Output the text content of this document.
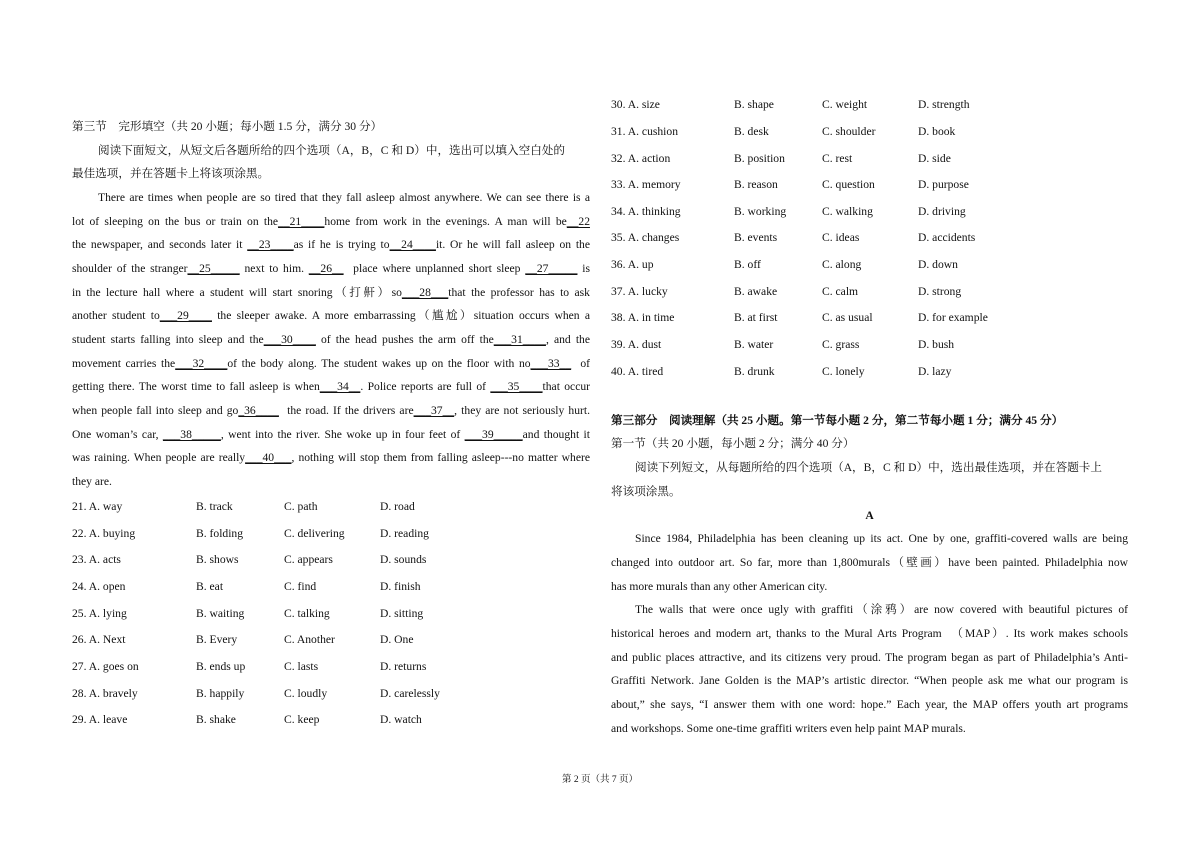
第三节　完形填空（共 20 小题；每小题 1.5 分，满分 30 分）
阅读下面短文，从短文后各题所给的四个选项（A，B，C 和 D）中，选出可以填入空白处的
最佳选项，并在答题卡上将该项涂黑。
There are times when people are so tired that they fall asleep almost anywhere. We can see there is a
lot of sleeping on the bus or train on the__21____home from work in the evenings. A man will be__22
the newspaper, and seconds later it __23____as if he is trying to__24____it. Or he will fall asleep on the
shoulder of the stranger__25_____ next to him. __26__  place where unplanned short sleep __27_____ is
in the lecture hall where a student will start snoring（打鼾）so___28___that the professor has to ask
another student to___29____ the sleeper awake. A more embarrassing（尴尬）situation occurs when a
student starts falling into sleep and the___30____ of the head pushes the arm off the___31____, and the
movement carries the___32____of the body along. The student wakes up on the floor with no___33__  of
getting there. The worst time to fall asleep is when___34__. Police reports are full of ___35____that occur
when people fall into sleep and go_36____  the road. If the drivers are___37__, they are not seriously hurt.
One woman’s car, ___38_____, went into the river. She woke up in four feet of ___39_____and thought it
was raining. When people are really___40___, nothing will stop them from falling asleep---no matter where
they are.
21. A. way	B. track	C. path	D. road
22. A. buying	B. folding	C. delivering	D. reading
23. A. acts	B. shows	C. appears	D. sounds
24. A. open	B. eat	C. find	D. finish
25. A. lying	B. waiting	C. talking	D. sitting
26. A. Next	B. Every	C. Another	D. One
27. A. goes on	B. ends up	C. lasts	D. returns
28. A. bravely	B. happily	C. loudly	D. carelessly
29. A. leave	B. shake	C. keep	D. watch
30. A. size	B. shape	C. weight	D. strength
31. A. cushion	B. desk	C. shoulder	D. book
32. A. action	B. position	C. rest	D. side
33. A. memory	B. reason	C. question	D. purpose
34. A. thinking	B. working	C. walking	D. driving
35. A. changes	B. events	C. ideas	D. accidents
36. A. up	B. off	C. along	D. down
37. A. lucky	B. awake	C. calm	D. strong
38. A. in time	B. at first	C. as usual	D. for example
39. A. dust	B. water	C. grass	D. bush
40. A. tired	B. drunk	C. lonely	D. lazy
第三部分　阅读理解（共 25 小题。第一节每小题 2 分，第二节每小题 1 分；满分 45 分）
第一节（共 20 小题，每小题 2 分；满分 40 分）
阅读下列短文，从每题所给的四个选项（A，B，C 和 D）中，选出最佳选项，并在答题卡上
将该项涂黑。
A
Since 1984, Philadelphia has been cleaning up its act. One by one, graffiti-covered walls are being
changed into outdoor art. So far, more than 1,800murals（壁画）have been painted. Philadelphia now
has more murals than any other American city.
The walls that were once ugly with graffiti（涂鸦）are now covered with beautiful pictures of
historical heroes and modern art, thanks to the Mural Arts Program　（MAP）. Its work makes schools
and public places attractive, and its citizens very proud. The program began as part of Philadelphia’s Anti-
Graffiti Network. Jane Golden is the MAP’s artistic director. “When people ask me what our program is
about,” she says, “I answer them with one word: hope.” Each year, the MAP offers youth art programs
and workshops. Some one-time graffiti writers even help paint MAP murals.
第 2 页（共 7 页）
